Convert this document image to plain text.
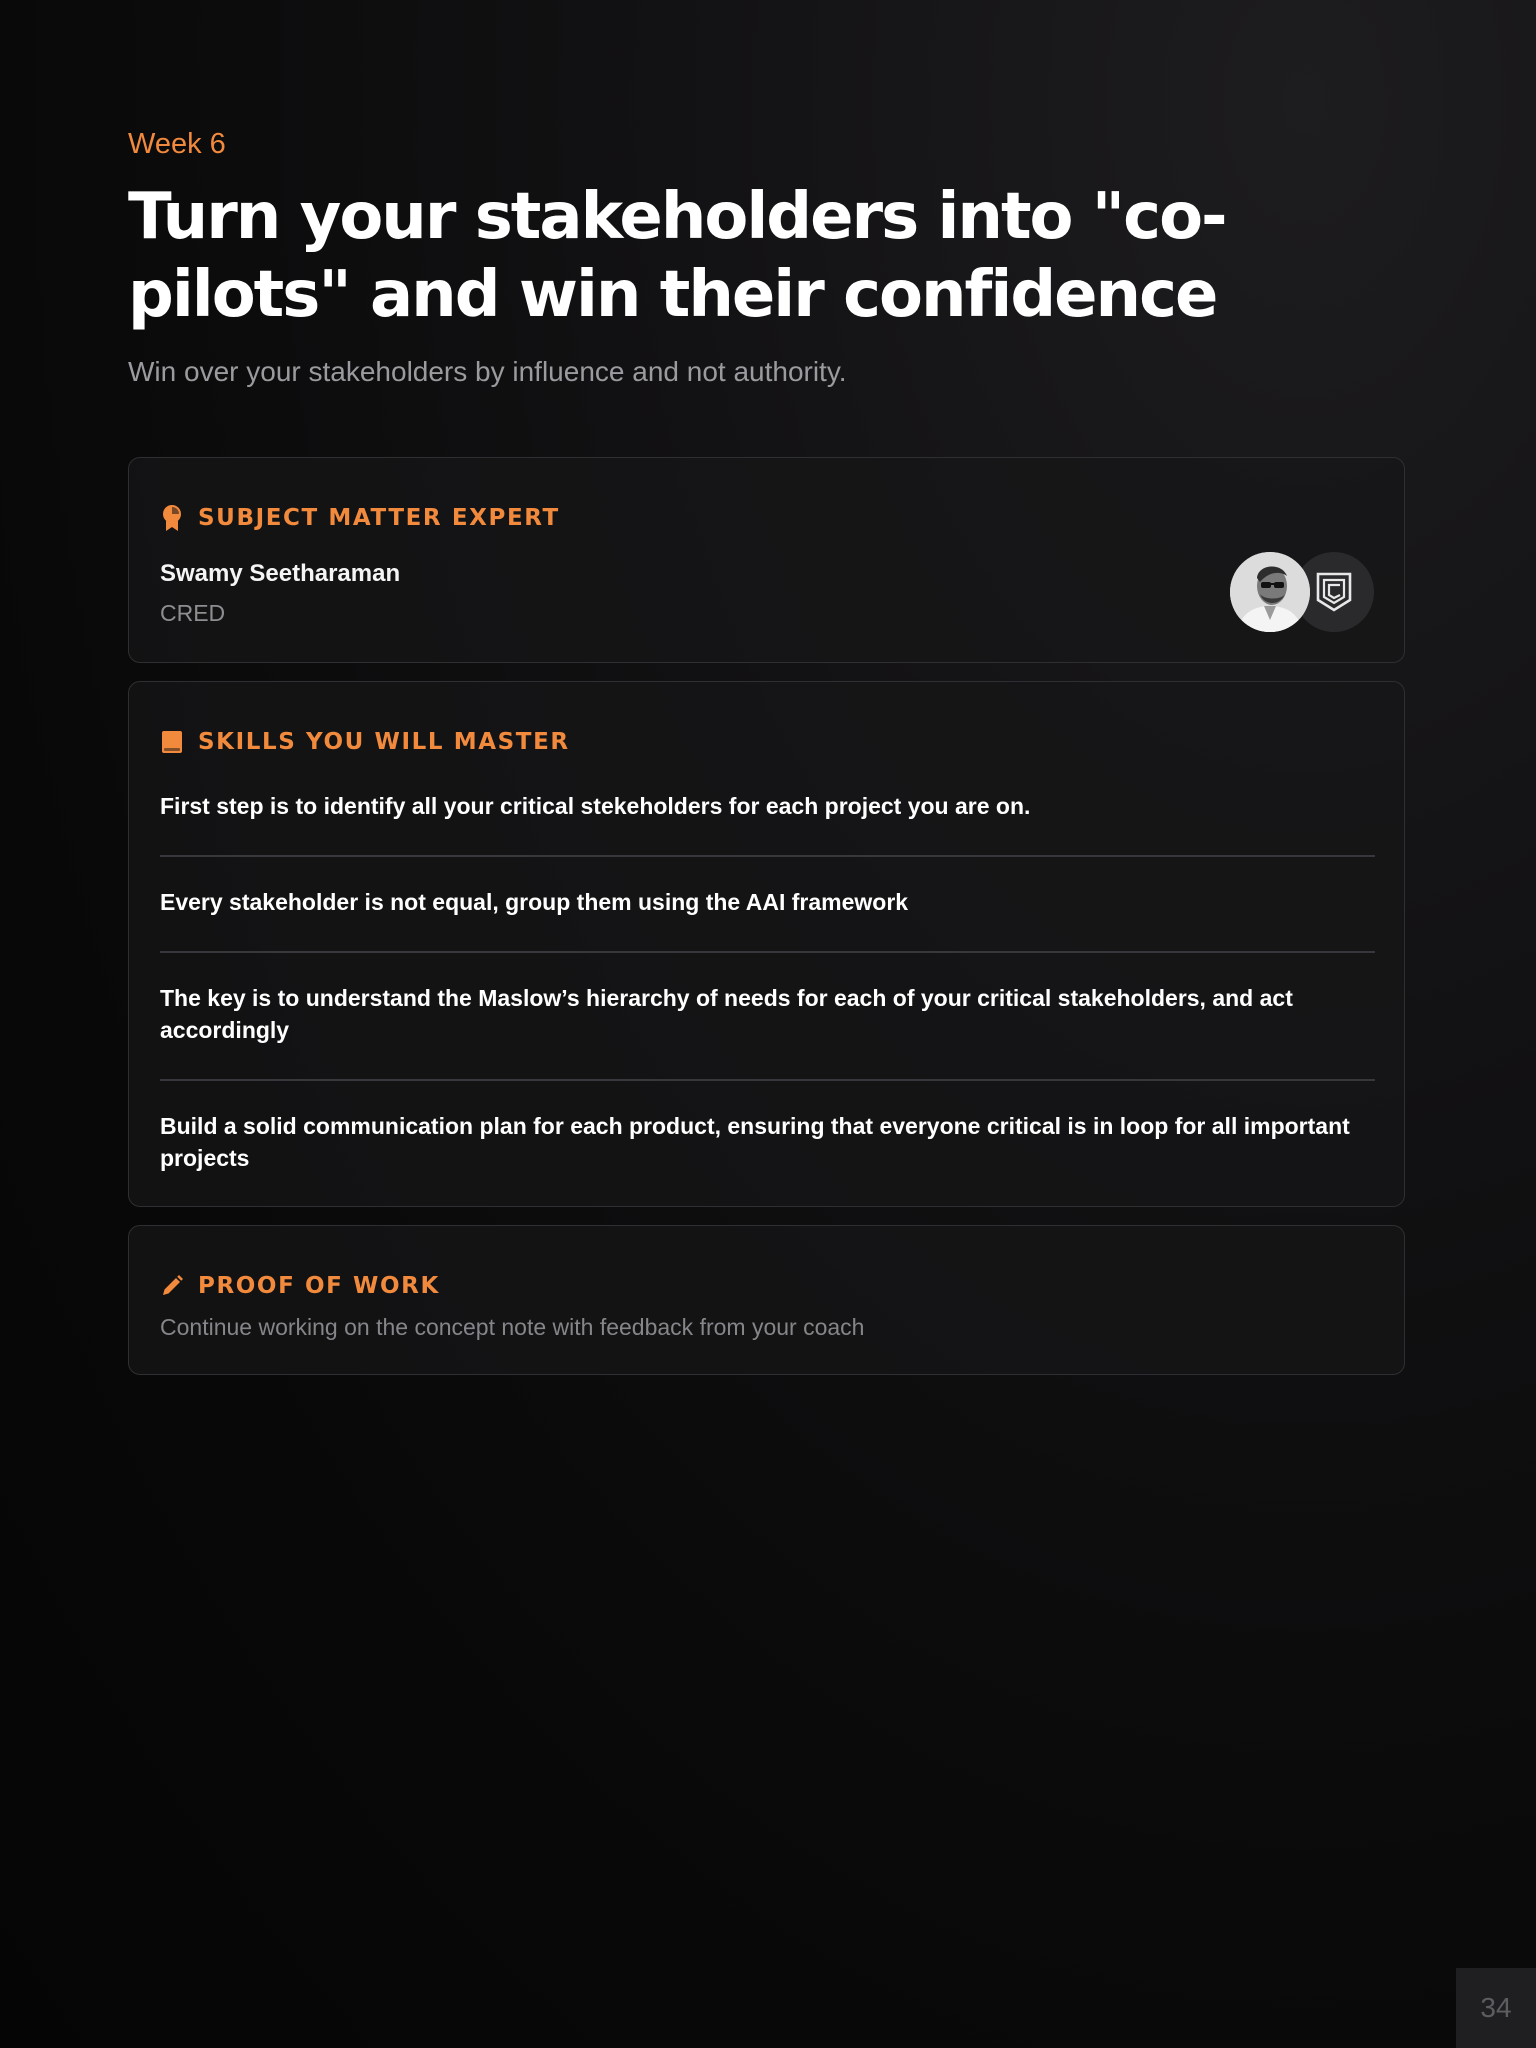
Week 6
Turn your stakeholders into "co-pilots" and win their confidence
Win over your stakeholders by influence and not authority.
SUBJECT MATTER EXPERT
Swamy Seetharaman
CRED
SKILLS YOU WILL MASTER
First step is to identify all your critical stekeholders for each project you are on.
Every stakeholder is not equal, group them using the AAI framework
The key is to understand the Maslow’s hierarchy of needs for each of your critical stakeholders, and act accordingly
Build a solid communication plan for each product, ensuring that everyone critical is in loop for all important projects
PROOF OF WORK
Continue working on the concept note with feedback from your coach
34
